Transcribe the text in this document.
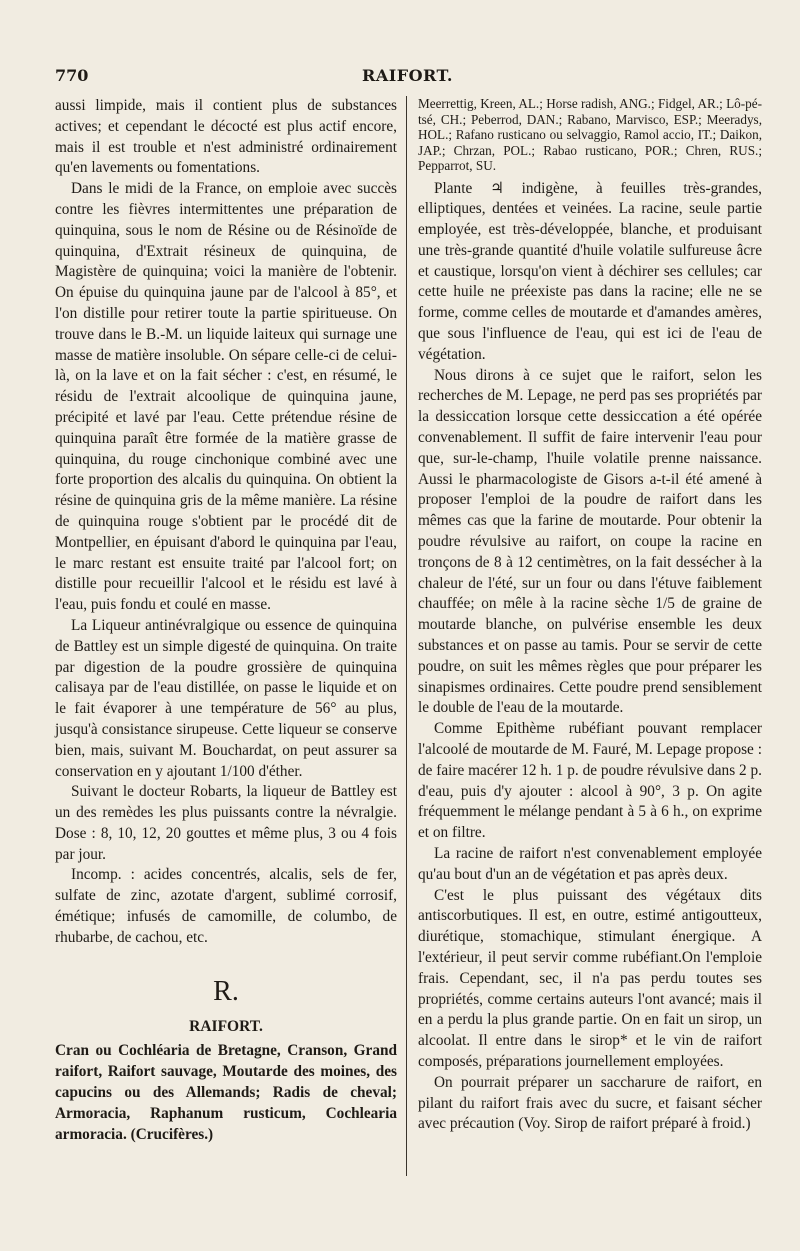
770	RAIFORT.

aussi limpide, mais il contient plus de substances actives; et cependant le décocté est plus actif encore, mais il est trouble et n'est administré ordinairement qu'en lavements ou fomentations.

Dans le midi de la France, on emploie avec succès contre les fièvres intermittentes une préparation de quinquina, sous le nom de Résine ou de Résinoïde de quinquina, d'Extrait résineux de quinquina, de Magistère de quinquina; voici la manière de l'obtenir. On épuise du quinquina jaune par de l'alcool à 85°, et l'on distille pour retirer toute la partie spiritueuse. On trouve dans le B.-M. un liquide laiteux qui surnage une masse de matière insoluble. On sépare celle-ci de celui-là, on la lave et on la fait sécher : c'est, en résumé, le résidu de l'extrait alcoolique de quinquina jaune, précipité et lavé par l'eau. Cette prétendue résine de quinquina paraît être formée de la matière grasse de quinquina, du rouge cinchonique combiné avec une forte proportion des alcalis du quinquina. On obtient la résine de quinquina gris de la même manière. La résine de quinquina rouge s'obtient par le procédé dit de Montpellier, en épuisant d'abord le quinquina par l'eau, le marc restant est ensuite traité par l'alcool fort; on distille pour recueillir l'alcool et le résidu est lavé à l'eau, puis fondu et coulé en masse.

La Liqueur antinévralgique ou essence de quinquina de Battley est un simple digesté de quinquina. On traite par digestion de la poudre grossière de quinquina calisaya par de l'eau distillée, on passe le liquide et on le fait évaporer à une température de 56° au plus, jusqu'à consistance sirupeuse. Cette liqueur se conserve bien, mais, suivant M. Bouchardat, on peut assurer sa conservation en y ajoutant 1/100 d'éther.

Suivant le docteur Robarts, la liqueur de Battley est un des remèdes les plus puissants contre la névralgie. Dose : 8, 10, 12, 20 gouttes et même plus, 3 ou 4 fois par jour.

Incomp. : acides concentrés, alcalis, sels de fer, sulfate de zinc, azotate d'argent, sublimé corrosif, émétique; infusés de camomille, de columbo, de rhubarbe, de cachou, etc.

R.

RAIFORT.

Cran ou Cochléaria de Bretagne, Cranson, Grand raifort, Raifort sauvage, Moutarde des moines, des capucins ou des Allemands; Radis de cheval; Armoracia, Raphanum rusticum, Cochlearia armoracia. (Crucifères.)

Meerrettig, Kreen, AL.; Horse radish, ANG.; Fidgel, AR.; Lô-pé-tsé, CH.; Peberrod, DAN.; Rabano, Marvisco, ESP.; Meeradys, HOL.; Rafano rusticano ou selvaggio, Ramol accio, IT.; Daikon, JAP.; Chrzan, POL.; Rabao rusticano, POR.; Chren, RUS.; Pepparrot, SU.

Plante ♃ indigène, à feuilles très-grandes, elliptiques, dentées et veinées. La racine, seule partie employée, est très-développée, blanche, et produisant une très-grande quantité d'huile volatile sulfureuse âcre et caustique, lorsqu'on vient à déchirer ses cellules; car cette huile ne préexiste pas dans la racine; elle ne se forme, comme celles de moutarde et d'amandes amères, que sous l'influence de l'eau, qui est ici de l'eau de végétation.

Nous dirons à ce sujet que le raifort, selon les recherches de M. Lepage, ne perd pas ses propriétés par la dessiccation lorsque cette dessiccation a été opérée convenablement. Il suffit de faire intervenir l'eau pour que, sur-le-champ, l'huile volatile prenne naissance. Aussi le pharmacologiste de Gisors a-t-il été amené à proposer l'emploi de la poudre de raifort dans les mêmes cas que la farine de moutarde. Pour obtenir la poudre révulsive au raifort, on coupe la racine en tronçons de 8 à 12 centimètres, on la fait dessécher à la chaleur de l'été, sur un four ou dans l'étuve faiblement chauffée; on mêle à la racine sèche 1/5 de graine de moutarde blanche, on pulvérise ensemble les deux substances et on passe au tamis. Pour se servir de cette poudre, on suit les mêmes règles que pour préparer les sinapismes ordinaires. Cette poudre prend sensiblement le double de l'eau de la moutarde.

Comme Epithème rubéfiant pouvant remplacer l'alcoolé de moutarde de M. Fauré, M. Lepage propose : de faire macérer 12 h. 1 p. de poudre révulsive dans 2 p. d'eau, puis d'y ajouter : alcool à 90°, 3 p. On agite fréquemment le mélange pendant à 5 à 6 h., on exprime et on filtre.

La racine de raifort n'est convenablement employée qu'au bout d'un an de végétation et pas après deux.

C'est le plus puissant des végétaux dits antiscorbutiques. Il est, en outre, estimé antigoutteux, diurétique, stomachique, stimulant énergique. A l'extérieur, il peut servir comme rubéfiant.On l'emploie frais. Cependant, sec, il n'a pas perdu toutes ses propriétés, comme certains auteurs l'ont avancé; mais il en a perdu la plus grande partie. On en fait un sirop, un alcoolat. Il entre dans le sirop* et le vin de raifort composés, préparations journellement employées.

On pourrait préparer un saccharure de raifort, en pilant du raifort frais avec du sucre, et faisant sécher avec précaution (Voy. Sirop de raifort préparé à froid.)
